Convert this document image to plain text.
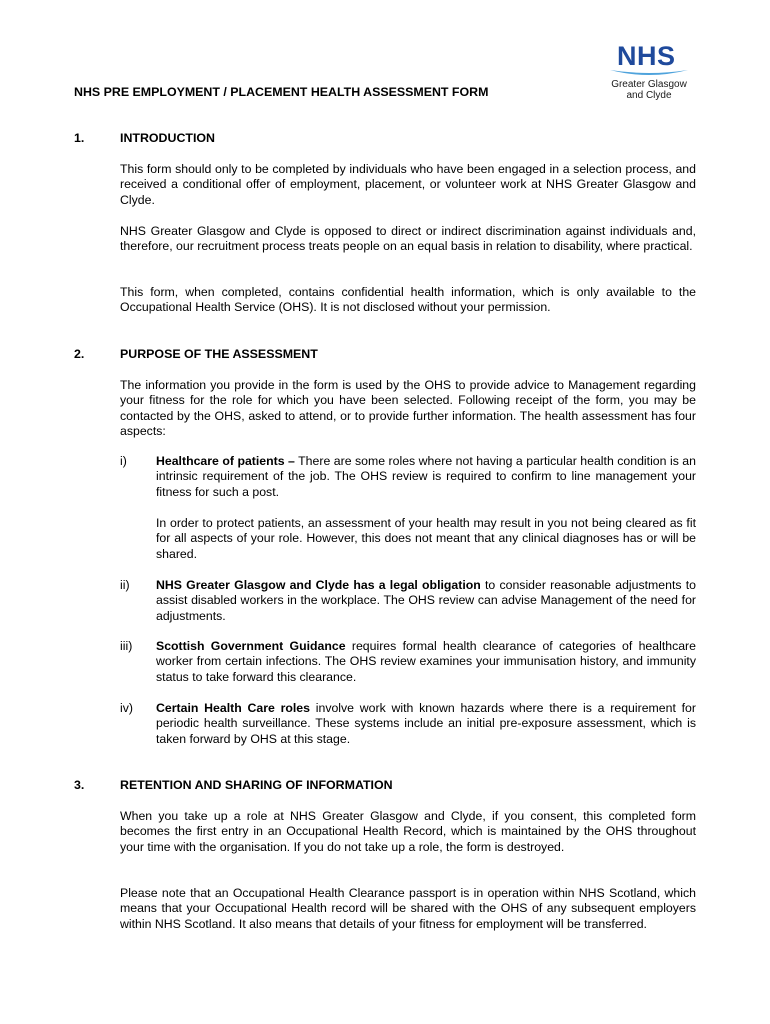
NHS
Greater Glasgow
and Clyde
NHS PRE EMPLOYMENT / PLACEMENT HEALTH ASSESSMENT FORM
1.	INTRODUCTION

This form should only to be completed by individuals who have been engaged in a selection process, and received a conditional offer of employment, placement, or volunteer work at NHS Greater Glasgow and Clyde.

NHS Greater Glasgow and Clyde is opposed to direct or indirect discrimination against individuals and, therefore, our recruitment process treats people on an equal basis in relation to disability, where practical.

This form, when completed, contains confidential health information, which is only available to the Occupational Health Service (OHS). It is not disclosed without your permission.

2.	PURPOSE OF THE ASSESSMENT

The information you provide in the form is used by the OHS to provide advice to Management regarding your fitness for the role for which you have been selected. Following receipt of the form, you may be contacted by the OHS, asked to attend, or to provide further information. The health assessment has four aspects:

i) Healthcare of patients – There are some roles where not having a particular health condition is an intrinsic requirement of the job. The OHS review is required to confirm to line management your fitness for such a post.

In order to protect patients, an assessment of your health may result in you not being cleared as fit for all aspects of your role. However, this does not meant that any clinical diagnoses has or will be shared.

ii) NHS Greater Glasgow and Clyde has a legal obligation to consider reasonable adjustments to assist disabled workers in the workplace. The OHS review can advise Management of the need for adjustments.

iii) Scottish Government Guidance requires formal health clearance of categories of healthcare worker from certain infections. The OHS review examines your immunisation history, and immunity status to take forward this clearance.

iv) Certain Health Care roles involve work with known hazards where there is a requirement for periodic health surveillance. These systems include an initial pre-exposure assessment, which is taken forward by OHS at this stage.

3.	RETENTION AND SHARING OF INFORMATION

When you take up a role at NHS Greater Glasgow and Clyde, if you consent, this completed form becomes the first entry in an Occupational Health Record, which is maintained by the OHS throughout your time with the organisation. If you do not take up a role, the form is destroyed.

Please note that an Occupational Health Clearance passport is in operation within NHS Scotland, which means that your Occupational Health record will be shared with the OHS of any subsequent employers within NHS Scotland. It also means that details of your fitness for employment will be transferred.
